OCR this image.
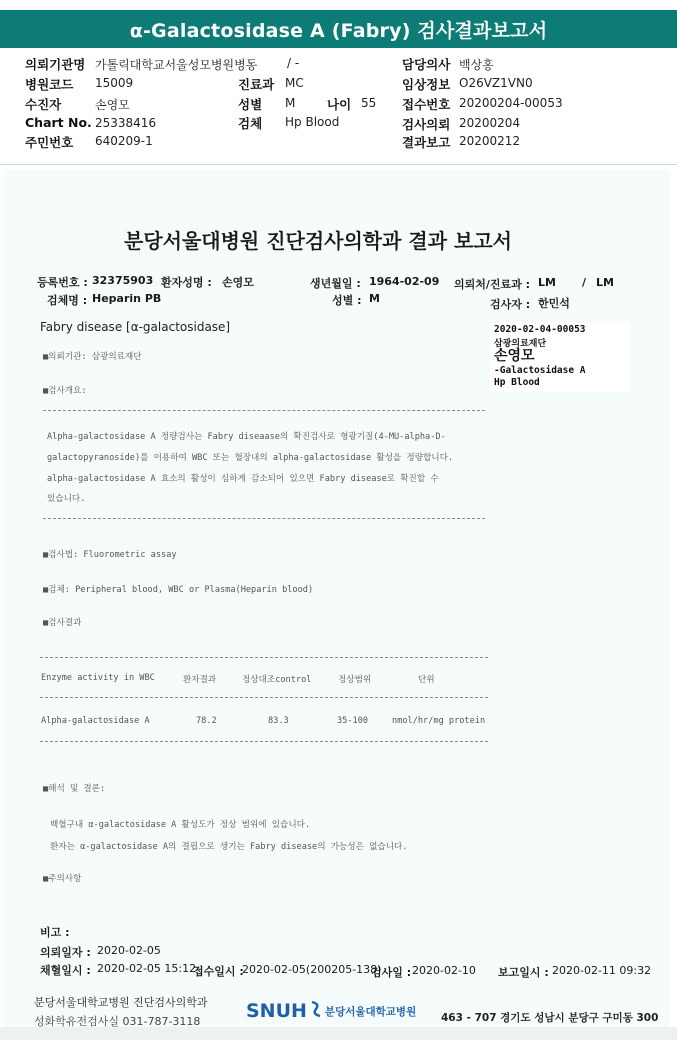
α-Galactosidase A (Fabry) 검사결과보고서
의뢰기관명 가톨릭대학교서울성모병원병동 / -	담당의사 백상홍
병원코드 15009	진료과 MC	임상정보 O26VZ1VN0
수진자	손영모	성별 M	나이 55 접수번호 20200204-00053
Chart No. 25338416	검체 Hp Blood	검사의뢰 20200204
주민번호 640209-1	결과보고 20200212
분당서울대병원 진단검사의학과 결과 보고서
등록번호 : 32375903 환자성명 : 손영모	생년월일 : 1964-02-09 의뢰처/진료과 : LM / LM
검체명 : Heparin PB	성별 : M	검사자 : 한민석
Fabry disease [α-galactosidase]	2020-02-04-00053
삼광의료재단
손영모
-Galactosidase A
Hp Blood
■의뢰기관: 삼광의료재단
■검사개요:
Alpha-galactosidase A 정량검사는 Fabry diseaase의 확진검사로 형광기질(4-MU-alpha-D-
galactopyranoside)를 이용하여 WBC 또는 혈장내의 alpha-galactosidase 활성을 정량합니다.
alpha-galactosidase A 효소의 활성이 심하게 감소되어 있으면 Fabry disease로 확진할 수
있습니다.
■검사법: Fluorometric assay
■검체: Peripheral blood, WBC or Plasma(Heparin blood)
■검사결과
Enzyme activity in WBC	환자결과	정상대조control	정상범위	단위
Alpha-galactosidase A	78.2	83.3	35-100	nmol/hr/mg protein
■해석 및 결론:
백혈구내 α-galactosidase A 활성도가 정상 범위에 있습니다.
환자는 α-galactosidase A의 결핍으로 생기는 Fabry disease의 가능성은 없습니다.
■주의사항
비고 :
의뢰일자 : 2020-02-05
채혈일시 : 2020-02-05 15:12
접수일시 :
2020-02-05(200205-138)
검사일 : 2020-02-10 보고일시 : 2020-02-11 09:32
분당서울대학교병원 진단검사의학과
성화학유전검사실 031-787-3118 SNUH 분당서울대학교병원
463 - 707 경기도 성남시 분당구 구미동 300
